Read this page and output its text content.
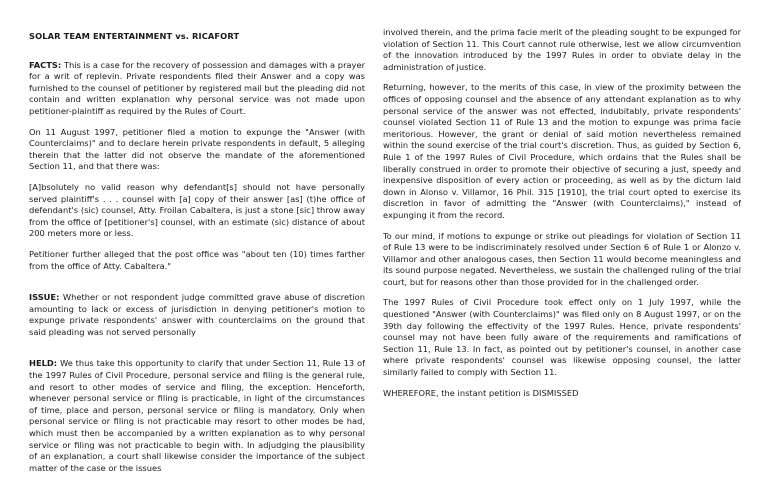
SOLAR TEAM ENTERTAINMENT vs. RICAFORT

FACTS: This is a case for the recovery of possession and damages with a prayer for a writ of replevin. Private respondents filed their Answer and a copy was furnished to the counsel of petitioner by registered mail but the pleading did not contain and written explanation why personal service was not made upon petitioner-plaintiff as required by the Rules of Court.

On 11 August 1997, petitioner filed a motion to expunge the "Answer (with Counterclaims)" and to declare herein private respondents in default, 5 alleging therein that the latter did not observe the mandate of the aforementioned Section 11, and that there was:

[A]bsolutely no valid reason why defendant[s] should not have personally served plaintiff's . . . counsel with [a] copy of their answer [as] (t)he office of defendant's (sic) counsel, Atty. Froilan Cabaltera, is just a stone [sic] throw away from the office of [petitioner's] counsel, with an estimate (sic) distance of about 200 meters more or less.

Petitioner further alleged that the post office was "about ten (10) times farther from the office of Atty. Cabaltera."

ISSUE: Whether or not respondent judge committed grave abuse of discretion amounting to lack or excess of jurisdiction in denying petitioner's motion to expunge private respondents' answer with counterclaims on the ground that said pleading was not served personally

HELD: We thus take this opportunity to clarify that under Section 11, Rule 13 of the 1997 Rules of Civil Procedure, personal service and filing is the general rule, and resort to other modes of service and filing, the exception. Henceforth, whenever personal service or filing is practicable, in light of the circumstances of time, place and person, personal service or filing is mandatory. Only when personal service or filing is not practicable may resort to other modes be had, which must then be accompanied by a written explanation as to why personal service or filing was not practicable to begin with. In adjudging the plausibility of an explanation, a court shall likewise consider the importance of the subject matter of the case or the issues

involved therein, and the prima facie merit of the pleading sought to be expunged for violation of Section 11. This Court cannot rule otherwise, lest we allow circumvention of the innovation introduced by the 1997 Rules in order to obviate delay in the administration of justice.

Returning, however, to the merits of this case, in view of the proximity between the offices of opposing counsel and the absence of any attendant explanation as to why personal service of the answer was not effected, indubitably, private respondents' counsel violated Section 11 of Rule 13 and the motion to expunge was prima facie meritorious. However, the grant or denial of said motion nevertheless remained within the sound exercise of the trial court's discretion. Thus, as guided by Section 6, Rule 1 of the 1997 Rules of Civil Procedure, which ordains that the Rules shall be liberally construed in order to promote their objective of securing a just, speedy and inexpensive disposition of every action or proceeding, as well as by the dictum laid down in Alonso v. Villamor, 16 Phil. 315 [1910], the trial court opted to exercise its discretion in favor of admitting the "Answer (with Counterclaims)," instead of expunging it from the record.

To our mind, if motions to expunge or strike out pleadings for violation of Section 11 of Rule 13 were to be indiscriminately resolved under Section 6 of Rule 1 or Alonzo v. Villamor and other analogous cases, then Section 11 would become meaningless and its sound purpose negated. Nevertheless, we sustain the challenged ruling of the trial court, but for reasons other than those provided for in the challenged order.

The 1997 Rules of Civil Procedure took effect only on 1 July 1997, while the questioned "Answer (with Counterclaims)" was filed only on 8 August 1997, or on the 39th day following the effectivity of the 1997 Rules. Hence, private respondents' counsel may not have been fully aware of the requirements and ramifications of Section 11, Rule 13. In fact, as pointed out by petitioner's counsel, in another case where private respondents' counsel was likewise opposing counsel, the latter similarly failed to comply with Section 11.

WHEREFORE, the instant petition is DISMISSED
